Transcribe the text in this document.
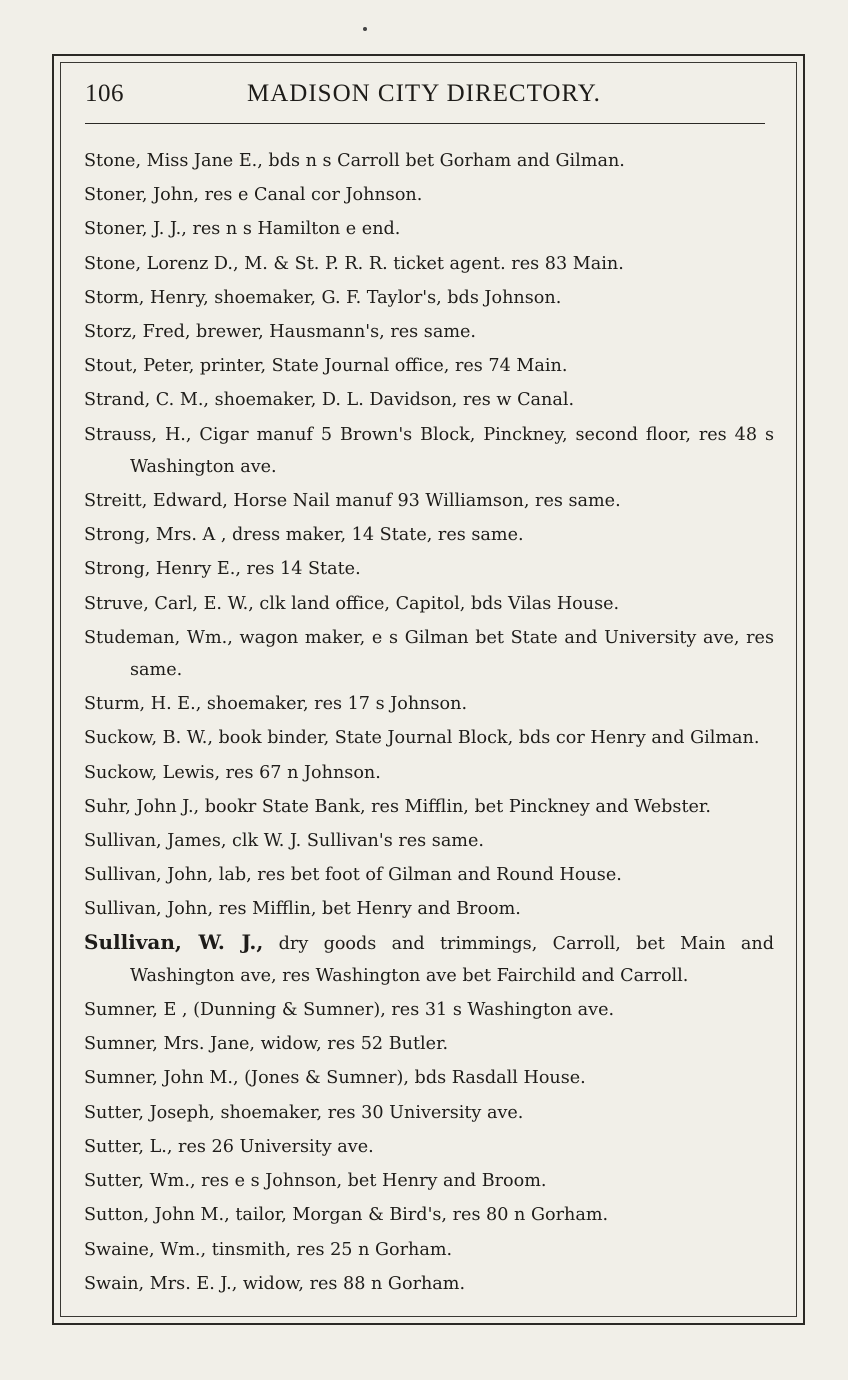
106	MADISON CITY DIRECTORY.
Stone, Miss Jane E., bds n s Carroll bet Gorham and Gilman.
Stoner, John, res e Canal cor Johnson.
Stoner, J. J., res n s Hamilton e end.
Stone, Lorenz D., M. & St. P. R. R. ticket agent. res 83 Main.
Storm, Henry, shoemaker, G. F. Taylor's, bds Johnson.
Storz, Fred, brewer, Hausmann's, res same.
Stout, Peter, printer, State Journal office, res 74 Main.
Strand, C. M., shoemaker, D. L. Davidson, res w Canal.
Strauss, H., Cigar manuf 5 Brown's Block, Pinckney, second floor, res 48 s Washington ave.
Streitt, Edward, Horse Nail manuf 93 Williamson, res same.
Strong, Mrs. A , dress maker, 14 State, res same.
Strong, Henry E., res 14 State.
Struve, Carl, E. W., clk land office, Capitol, bds Vilas House.
Studeman, Wm., wagon maker, e s Gilman bet State and University ave, res same.
Sturm, H. E., shoemaker, res 17 s Johnson.
Suckow, B. W., book binder, State Journal Block, bds cor Henry and Gilman.
Suckow, Lewis, res 67 n Johnson.
Suhr, John J., bookr State Bank, res Mifflin, bet Pinckney and Webster.
Sullivan, James, clk W. J. Sullivan's res same.
Sullivan, John, lab, res bet foot of Gilman and Round House.
Sullivan, John, res Mifflin, bet Henry and Broom.
Sullivan, W. J., dry goods and trimmings, Carroll, bet Main and Washington ave, res Washington ave bet Fairchild and Carroll.
Sumner, E , (Dunning & Sumner), res 31 s Washington ave.
Sumner, Mrs. Jane, widow, res 52 Butler.
Sumner, John M., (Jones & Sumner), bds Rasdall House.
Sutter, Joseph, shoemaker, res 30 University ave.
Sutter, L., res 26 University ave.
Sutter, Wm., res e s Johnson, bet Henry and Broom.
Sutton, John M., tailor, Morgan & Bird's, res 80 n Gorham.
Swaine, Wm., tinsmith, res 25 n Gorham.
Swain, Mrs. E. J., widow, res 88 n Gorham.
